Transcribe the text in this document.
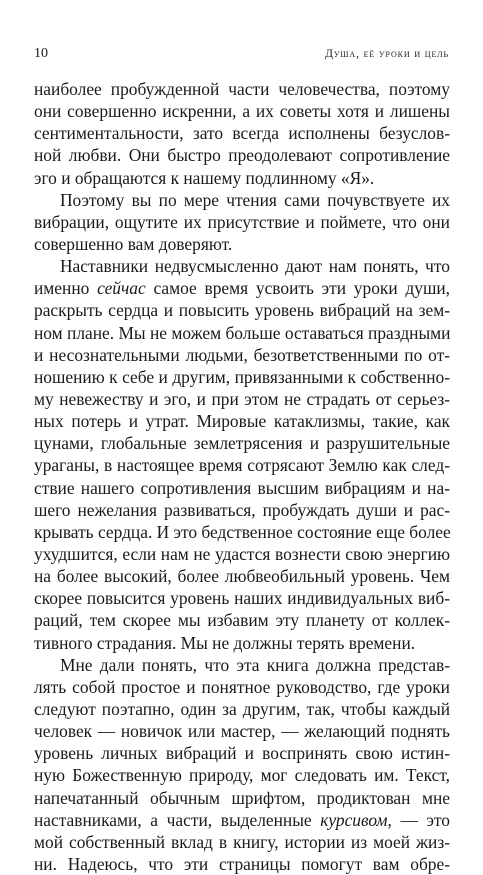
10	Душа, её уроки и цель
наиболее пробужденной части человечества, поэтому
они совершенно искренни, а их советы хотя и лишены
сентиментальности, зато всегда исполнены безуслов-
ной любви. Они быстро преодолевают сопротивление
эго и обращаются к нашему подлинному «Я».
Поэтому вы по мере чтения сами почувствуете их
вибрации, ощутите их присутствие и поймете, что они
совершенно вам доверяют.
Наставники недвусмысленно дают нам понять, что
именно сейчас самое время усвоить эти уроки души,
раскрыть сердца и повысить уровень вибраций на зем-
ном плане. Мы не можем больше оставаться праздными
и несознательными людьми, безответственными по от-
ношению к себе и другим, привязанными к собственно-
му невежеству и эго, и при этом не страдать от серьез-
ных потерь и утрат. Мировые катаклизмы, такие, как
цунами, глобальные землетрясения и разрушительные
ураганы, в настоящее время сотрясают Землю как след-
ствие нашего сопротивления высшим вибрациям и на-
шего нежелания развиваться, пробуждать души и рас-
крывать сердца. И это бедственное состояние еще более
ухудшится, если нам не удастся вознести свою энергию
на более высокий, более любвеобильный уровень. Чем
скорее повысится уровень наших индивидуальных виб-
раций, тем скорее мы избавим эту планету от коллек-
тивного страдания. Мы не должны терять времени.
Мне дали понять, что эта книга должна представ-
лять собой простое и понятное руководство, где уроки
следуют поэтапно, один за другим, так, чтобы каждый
человек — новичок или мастер, — желающий поднять
уровень личных вибраций и воспринять свою истин-
ную Божественную природу, мог следовать им. Текст,
напечатанный обычным шрифтом, продиктован мне
наставниками, а части, выделенные курсивом, — это
мой собственный вклад в книгу, истории из моей жиз-
ни. Надеюсь, что эти страницы помогут вам обре-
